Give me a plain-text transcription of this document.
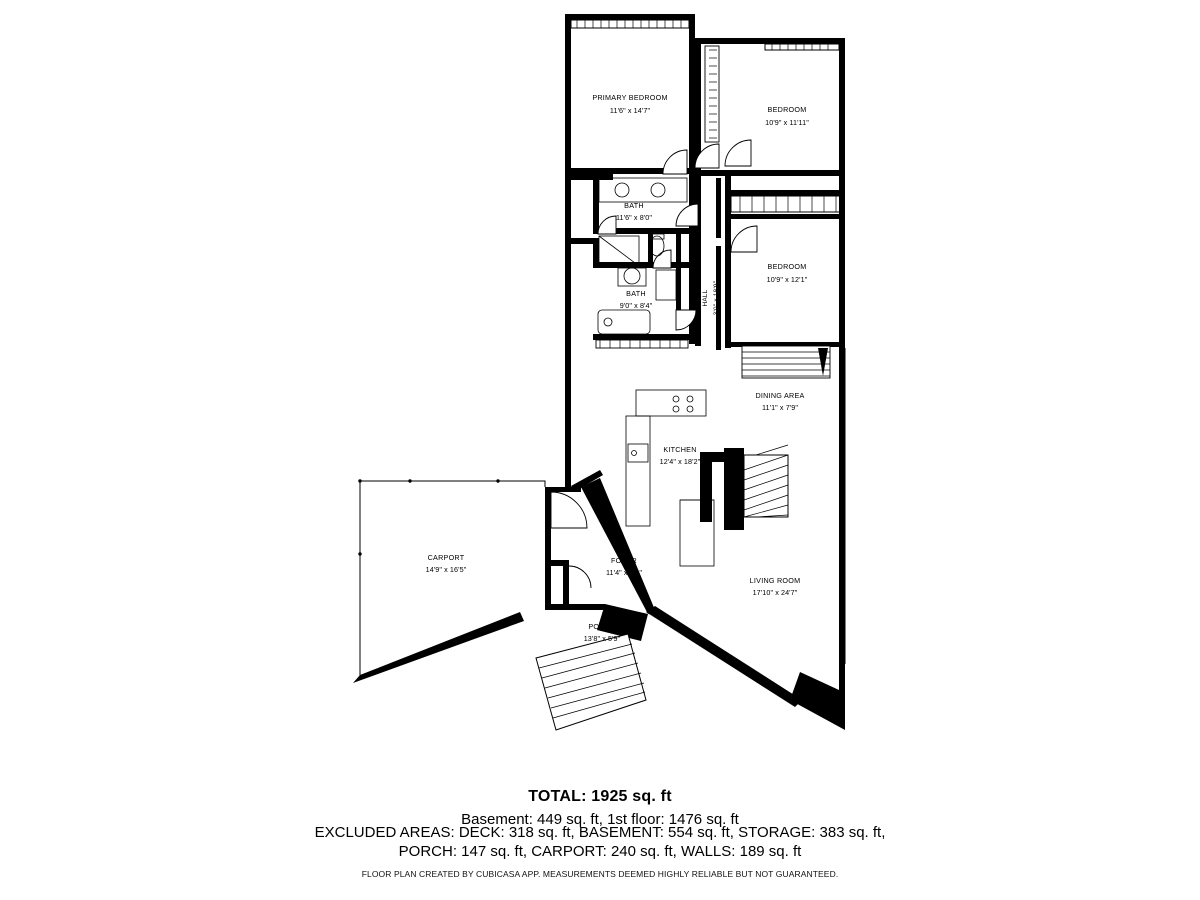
PRIMARY BEDROOM
11'6" x 14'7"	BEDROOM
10'9" x 11'11"
BEDROOM
10'9" x 12'1"
BATH
11'6" x 8'0"
BATH
9'0" x 8'4"	HALL 3'0" x 18'9"
DINING AREA
11'1" x 7'9"
KITCHEN
12'4" x 18'2"
LIVING ROOM
17'10" x 24'7"
FOYER
11'4" x 6'4"
PORCH
13'8" x 5'9"
CARPORT
14'9" x 16'5"
TOTAL: 1925 sq. ft
Basement: 449 sq. ft, 1st floor: 1476 sq. ft
EXCLUDED AREAS: DECK: 318 sq. ft, BASEMENT: 554 sq. ft, STORAGE: 383 sq. ft,
PORCH: 147 sq. ft, CARPORT: 240 sq. ft, WALLS: 189 sq. ft
FLOOR PLAN CREATED BY CUBICASA APP. MEASUREMENTS DEEMED HIGHLY RELIABLE BUT NOT GUARANTEED.
